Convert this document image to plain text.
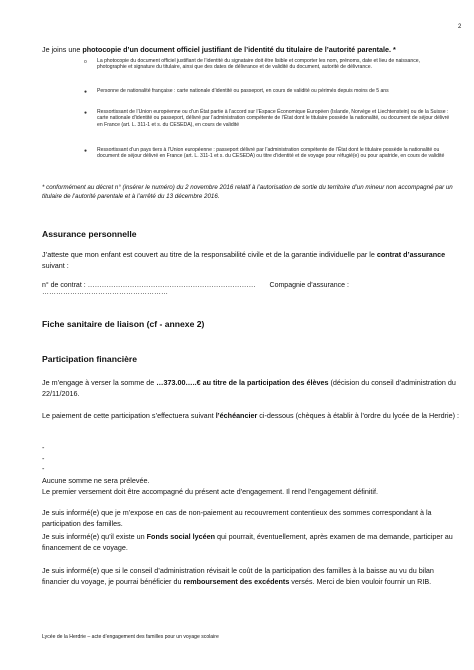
2
Je joins une photocopie d’un document officiel justifiant de l’identité du titulaire de l’autorité parentale. *
o La photocopie du document officiel justifiant de l’identité du signataire doit être lisible et comporter les nom, prénoms, date et lieu de naissance, photographie et signature du titulaire, ainsi que des dates de délivrance et de validité du document, autorité de délivrance.
● Personne de nationalité française : carte nationale d’identité ou passeport, en cours de validité ou périmés depuis moins de 5 ans
● Ressortissant de l’Union européenne ou d’un État partie à l’accord sur l’Espace Économique Européen (Islande, Norvège et Liechtenstein) ou de la Suisse : carte nationale d’identité ou passeport, délivré par l’administration compétente de l’État dont le titulaire possède la nationalité, ou document de séjour délivré en France (art. L. 311-1 et s. du CESEDA), en cours de validité
● Ressortissant d’un pays tiers à l’Union européenne : passeport délivré par l’administration compétente de l’État dont le titulaire possède la nationalité ou document de séjour délivré en France (art. L. 311-1 et s. du CESEDA) ou titre d’identité et de voyage pour réfugié(e) ou pour apatride, en cours de validité
* conformément au décret n° (insérer le numéro) du 2 novembre 2016 relatif à l’autorisation de sortie du territoire d’un mineur non accompagné par un titulaire de l’autorité parentale et à l’arrêté du 13 décembre 2016.
Assurance personnelle
J’atteste que mon enfant est couvert au titre de la responsabilité civile et de la garantie individuelle par le contrat d’assurance suivant :
n° de contrat : ……………………………………………………………… Compagnie d’assurance : ………………………………………………
Fiche sanitaire de liaison (cf - annexe 2)
Participation financière
Je m’engage à verser la somme de …373.00…..€ au titre de la participation des élèves (décision du conseil d’administration du 22/11/2016.
Le paiement de cette participation s’effectuera suivant l’échéancier ci-dessous (chèques à établir à l’ordre du lycée de la Herdrie) :
-
-
-
Aucune somme ne sera prélevée.
Le premier versement doit être accompagné du présent acte d’engagement. Il rend l’engagement définitif.
Je suis informé(e) que je m’expose en cas de non-paiement au recouvrement contentieux des sommes correspondant à la participation des familles.
Je suis informé(e) qu’il existe un Fonds social lycéen qui pourrait, éventuellement, après examen de ma demande, participer au financement de ce voyage.
Je suis informé(e) que si le conseil d’administration révisait le coût de la participation des familles à la baisse au vu du bilan financier du voyage, je pourrai bénéficier du remboursement des excédents versés. Merci de bien vouloir fournir un RIB.
Lycée de la Herdrie – acte d’engagement des familles pour un voyage scolaire
